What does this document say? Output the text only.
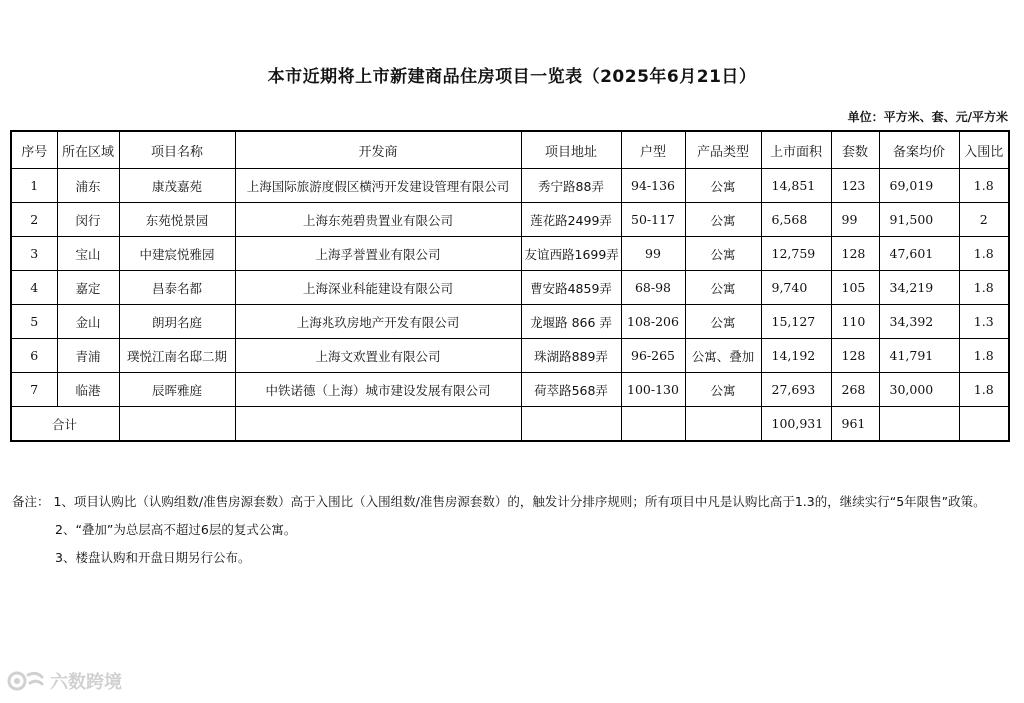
本市近期将上市新建商品住房项目一览表（2025年6月21日）
单位：平方米、套、元/平方米
序号	所在区域	项目名称	开发商	项目地址	户型	产品类型	上市面积	套数	备案均价	入围比
1	浦东	康茂嘉苑	上海国际旅游度假区横沔开发建设管理有限公司	秀宁路88弄	94-136	公寓	14,851	123	69,019	1.8
2	闵行	东苑悦景园	上海东苑碧贵置业有限公司	莲花路2499弄	50-117	公寓	6,568	99	91,500	2
3	宝山	中建宸悦雅园	上海孚誉置业有限公司	友谊西路1699弄	99	公寓	12,759	128	47,601	1.8
4	嘉定	昌泰名都	上海深业科能建设有限公司	曹安路4859弄	68-98	公寓	9,740	105	34,219	1.8
5	金山	朗玥名庭	上海兆玖房地产开发有限公司	龙堰路 866 弄	108-206	公寓	15,127	110	34,392	1.3
6	青浦	璞悦江南名邸二期	上海文欢置业有限公司	珠湖路889弄	96-265	公寓、叠加	14,192	128	41,791	1.8
7	临港	辰晖雅庭	中铁诺德（上海）城市建设发展有限公司	荷萃路568弄	100-130	公寓	27,693	268	30,000	1.8
合计							100,931	961		
备注： 1、项目认购比（认购组数/准售房源套数）高于入围比（入围组数/准售房源套数）的，触发计分排序规则；所有项目中凡是认购比高于1.3的，继续实行“5年限售”政策。
2、“叠加”为总层高不超过6层的复式公寓。
3、楼盘认购和开盘日期另行公布。
六数跨境
